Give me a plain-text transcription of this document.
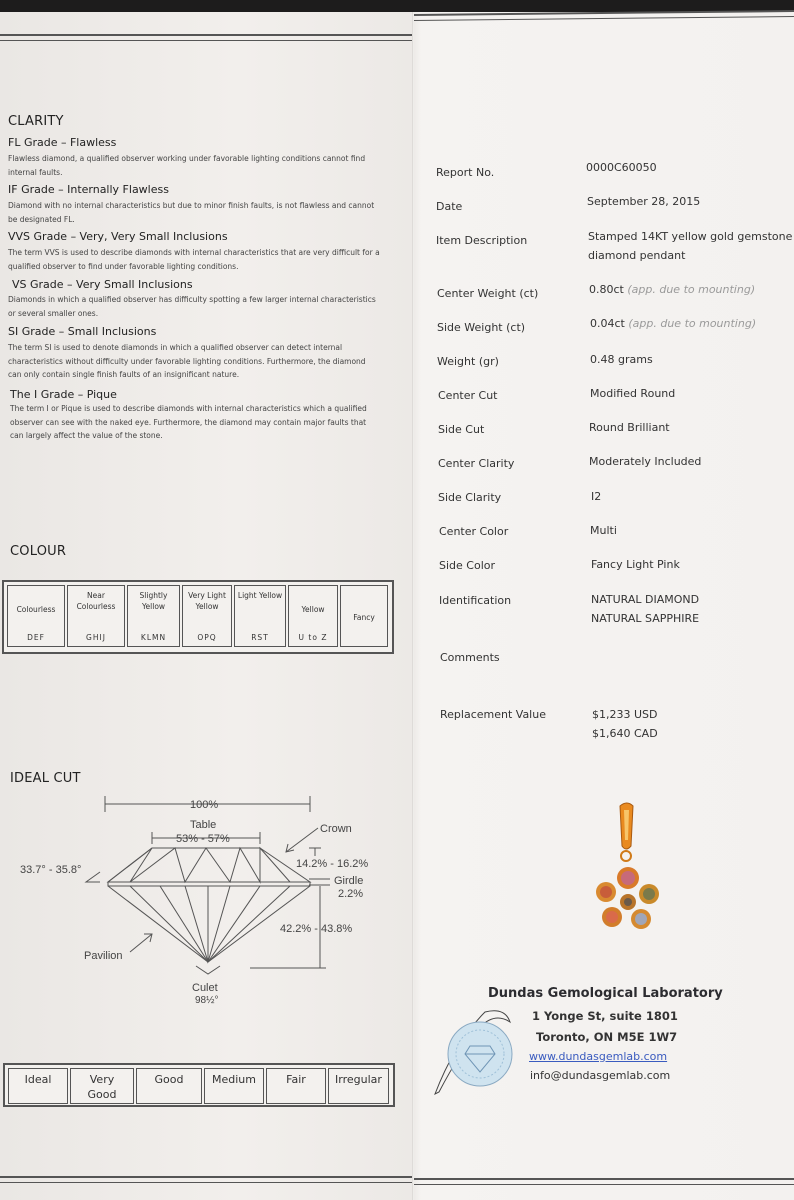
CLARITY
FL Grade – Flawless
Flawless diamond, a qualified observer working under favorable lighting conditions cannot find internal faults.
IF Grade – Internally Flawless
Diamond with no internal characteristics but due to minor finish faults, is not flawless and cannot be designated FL.
VVS Grade – Very, Very Small Inclusions
The term VVS is used to describe diamonds with internal characteristics that are very difficult for a qualified observer to find under favorable lighting conditions.
VS Grade – Very Small Inclusions
Diamonds in which a qualified observer has difficulty spotting a few larger internal characteristics or several smaller ones.
SI Grade – Small Inclusions
The term SI is used to denote diamonds in which a qualified observer can detect internal characteristics without difficulty under favorable lighting conditions. Furthermore, the diamond can only contain single finish faults of an insignificant nature.
The I Grade – Pique
The term I or Pique is used to describe diamonds with internal characteristics which a qualified observer can see with the naked eye. Furthermore, the diamond may contain major faults that can largely affect the value of the stone.
COLOUR
Colourless
DEF
Near Colourless
GHIJ
Slightly Yellow
KLMN
Very Light Yellow
OPQ
Light Yellow
RST
Yellow
U to Z
Fancy
IDEAL CUT
100%
Table
53% - 57%
Crown
33.7° - 35.8°	14.2% - 16.2%
Girdle
2.2%
42.2% - 43.8%
Pavilion
Culet
98½°
Ideal	Very Good
Good	Medium	Fair	Irregular
Report No.	0000C60050
Date	September 28, 2015
Item Description	Stamped 14KT yellow gold gemstone
diamond pendant
Center Weight (ct)	0.80ct (app. due to mounting)
Side Weight (ct)	0.04ct (app. due to mounting)
Weight (gr)	0.48 grams
Center Cut	Modified Round
Side Cut	Round Brilliant
Center Clarity	Moderately Included
Side Clarity	I2
Center Color	Multi
Side Color	Fancy Light Pink
Identification	NATURAL DIAMOND
NATURAL SAPPHIRE
Comments
Replacement Value	$1,233 USD
$1,640 CAD
Dundas Gemological Laboratory
1 Yonge St, suite 1801
Toronto, ON M5E 1W7
www.dundasgemlab.com
info@dundasgemlab.com
